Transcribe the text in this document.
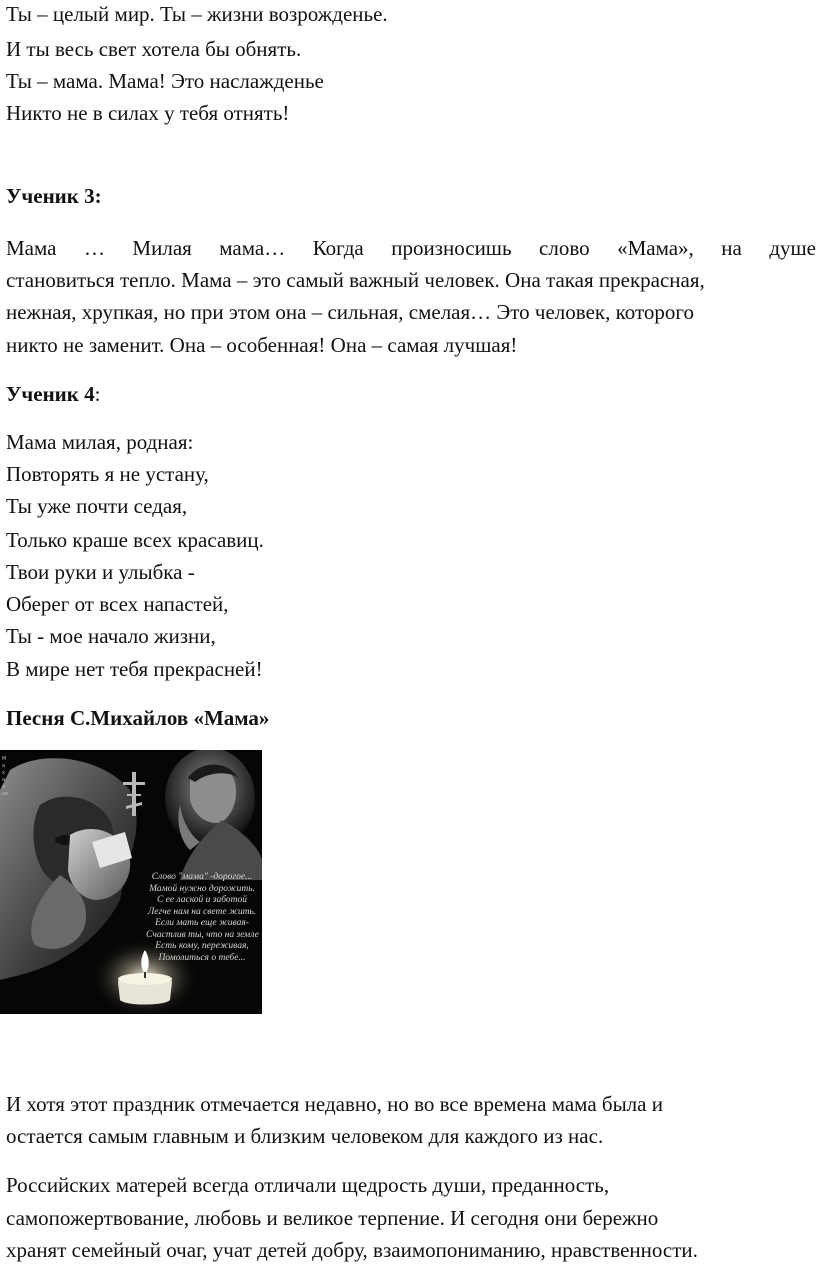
Ты – целый мир. Ты – жизни возрожденье.
И ты весь свет хотела бы обнять.
Ты – мама. Мама! Это наслажденье
Никто не в силах у тебя отнять!
Ученик 3:
Мама … Милая мама… Когда произносишь слово «Мама», на душе
становиться тепло. Мама – это самый важный человек. Она такая прекрасная,
нежная, хрупкая, но при этом она – сильная, смелая… Это человек, которого
никто не заменит. Она – особенная! Она – самая лучшая!
Ученик 4:
Мама милая, родная:
Повторять я не устану,
Ты уже почти седая,
Только краше всех красавиц.
Твои руки и улыбка -
Оберег от всех напастей,
Ты - мое начало жизни,
В мире нет тебя прекрасней!
Песня С.Михайлов «Мама»
Махалов
Слово "мама" -дорогое...
Мамой нужно дорожить.
С ее лаской и заботой
Легче нам на свете жить.
Если мать еще живая-
Счастлив ты, что на земле
Есть кому, переживая,
Помолиться о тебе...
И хотя этот праздник отмечается недавно, но во все времена мама была и
остается самым главным и близким человеком для каждого из нас.
Российских матерей всегда отличали щедрость души, преданность,
самопожертвование, любовь и великое терпение. И сегодня они бережно
хранят семейный очаг, учат детей добру, взаимопониманию, нравственности.
